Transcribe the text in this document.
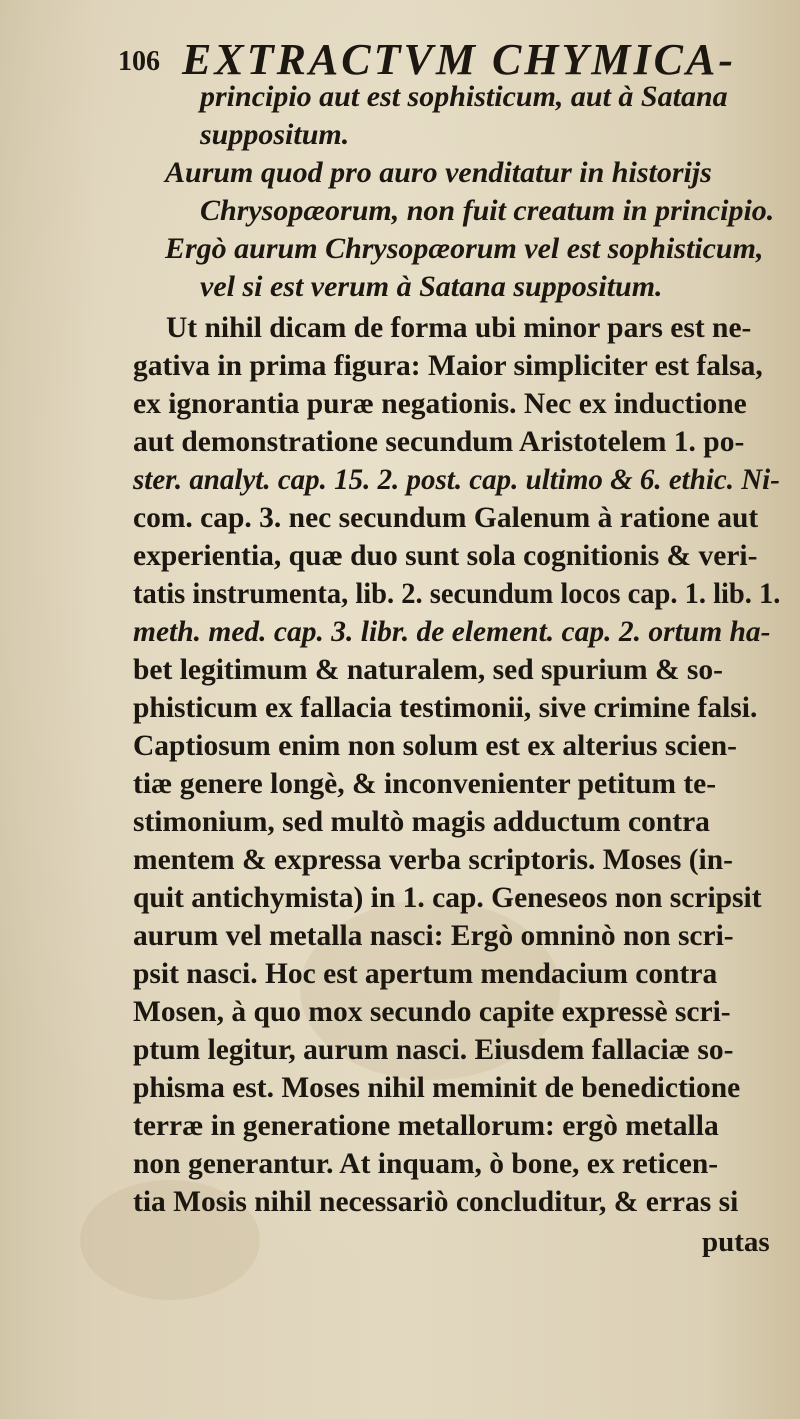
106 EXTRACTVM CHYMICA-
principio aut est sophisticum, aut à Satana
suppositum.
Aurum quod pro auro venditatur in historijs
Chrysopæorum, non fuit creatum in principio.
Ergò aurum Chrysopæorum vel est sophisticum,
vel si est verum à Satana suppositum.
Ut nihil dicam de forma ubi minor pars est ne-
gativa in prima figura: Maior simpliciter est falsa,
ex ignorantia puræ negationis. Nec ex inductione
aut demonstratione secundum Aristotelem 1. po-
ster. analyt. cap. 15. 2. post. cap. ultimo & 6. ethic. Ni-
com. cap. 3. nec secundum Galenum à ratione aut
experientia, quæ duo sunt sola cognitionis & veri-
tatis instrumenta, lib. 2. secundum locos cap. 1. lib. 1.
meth. med. cap. 3. libr. de element. cap. 2. ortum ha-
bet legitimum & naturalem, sed spurium & so-
phisticum ex fallacia testimonii, sive crimine falsi.
Captiosum enim non solum est ex alterius scien-
tiæ genere longè, & inconvenienter petitum te-
stimonium, sed multò magis adductum contra
mentem & expressa verba scriptoris. Moses (in-
quit antichymista) in 1. cap. Geneseos non scripsit
aurum vel metalla nasci: Ergò omninò non scri-
psit nasci. Hoc est apertum mendacium contra
Mosen, à quo mox secundo capite expressè scri-
ptum legitur, aurum nasci. Eiusdem fallaciæ so-
phisma est. Moses nihil meminit de benedictione
terræ in generatione metallorum: ergò metalla
non generantur. At inquam, ò bone, ex reticen-
tia Mosis nihil necessariò concluditur, & erras si
putas
